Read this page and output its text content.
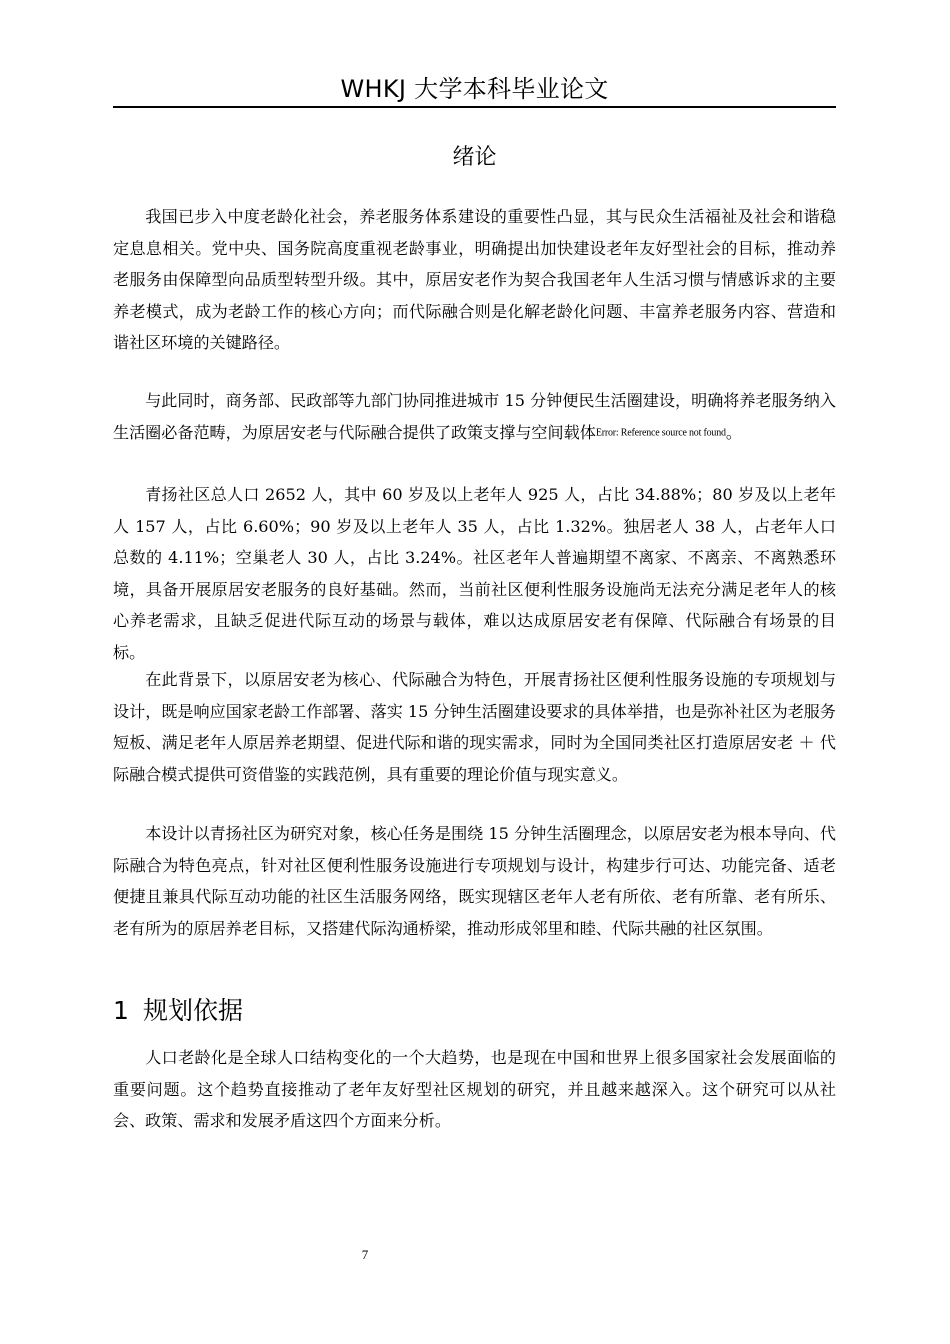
WHKJ 大学本科毕业论文
绪论

我国已步入中度老龄化社会，养老服务体系建设的重要性凸显，其与民众生活福祉及社会和谐稳定息息相关。党中央、国务院高度重视老龄事业，明确提出加快建设老年友好型社会的目标，推动养老服务由保障型向品质型转型升级。其中，原居安老作为契合我国老年人生活习惯与情感诉求的主要养老模式，成为老龄工作的核心方向；而代际融合则是化解老龄化问题、丰富养老服务内容、营造和谐社区环境的关键路径。

与此同时，商务部、民政部等九部门协同推进城市 15 分钟便民生活圈建设，明确将养老服务纳入生活圈必备范畴，为原居安老与代际融合提供了政策支撑与空间载体Error: Reference source not found。

青扬社区总人口 2652 人，其中 60 岁及以上老年人 925 人，占比 34.88%；80 岁及以上老年人 157 人，占比 6.60%；90 岁及以上老年人 35 人，占比 1.32%。独居老人 38 人，占老年人口总数的 4.11%；空巢老人 30 人，占比 3.24%。社区老年人普遍期望不离家、不离亲、不离熟悉环境，具备开展原居安老服务的良好基础。然而，当前社区便利性服务设施尚无法充分满足老年人的核心养老需求，且缺乏促进代际互动的场景与载体，难以达成原居安老有保障、代际融合有场景的目标。

在此背景下，以原居安老为核心、代际融合为特色，开展青扬社区便利性服务设施的专项规划与设计，既是响应国家老龄工作部署、落实 15 分钟生活圈建设要求的具体举措，也是弥补社区为老服务短板、满足老年人原居养老期望、促进代际和谐的现实需求，同时为全国同类社区打造原居安老 ＋ 代际融合模式提供可资借鉴的实践范例，具有重要的理论价值与现实意义。

本设计以青扬社区为研究对象，核心任务是围绕 15 分钟生活圈理念，以原居安老为根本导向、代际融合为特色亮点，针对社区便利性服务设施进行专项规划与设计，构建步行可达、功能完备、适老便捷且兼具代际互动功能的社区生活服务网络，既实现辖区老年人老有所依、老有所靠、老有所乐、老有所为的原居养老目标，又搭建代际沟通桥梁，推动形成邻里和睦、代际共融的社区氛围。

1 规划依据

人口老龄化是全球人口结构变化的一个大趋势，也是现在中国和世界上很多国家社会发展面临的重要问题。这个趋势直接推动了老年友好型社区规划的研究，并且越来越深入。这个研究可以从社会、政策、需求和发展矛盾这四个方面来分析。

7
